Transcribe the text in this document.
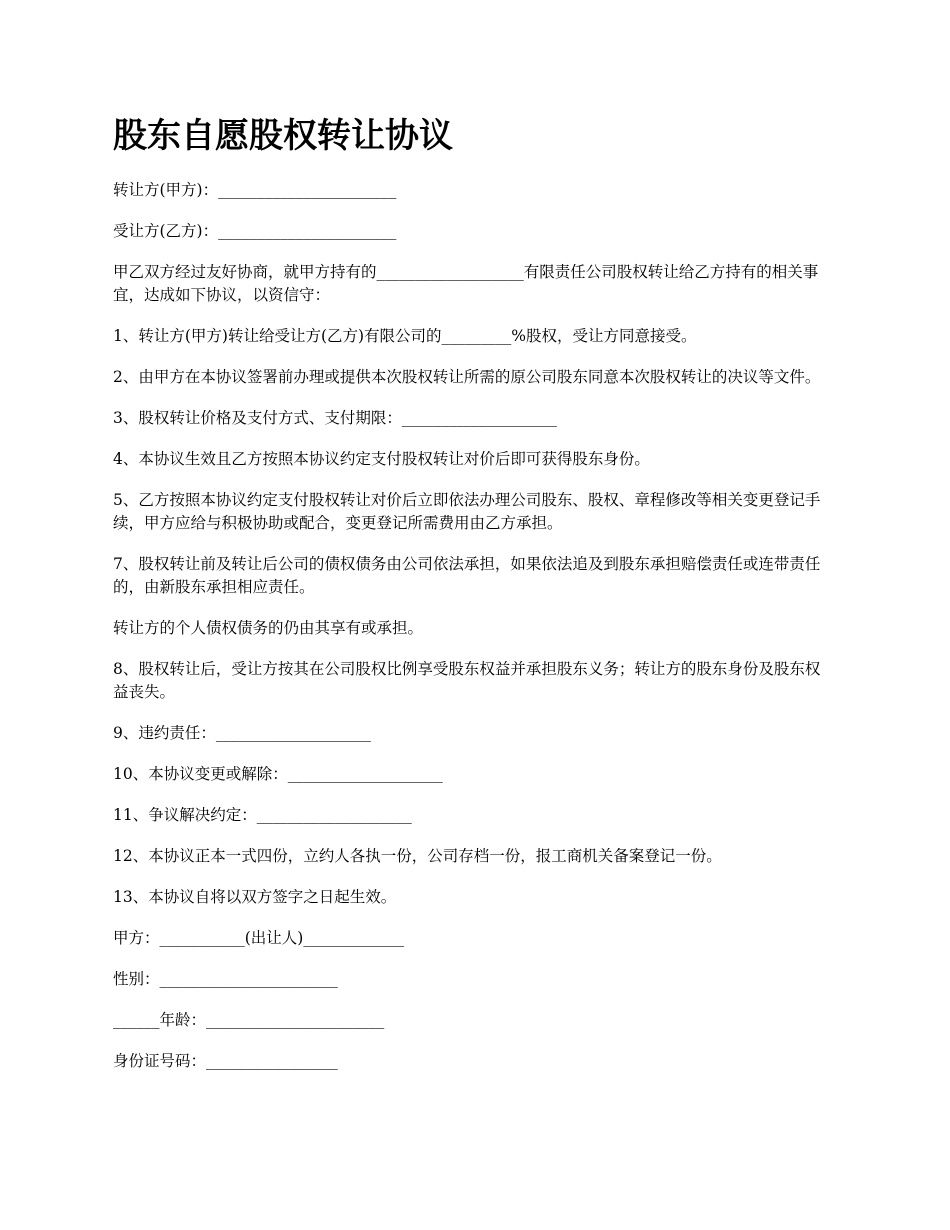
股东自愿股权转让协议

转让方(甲方)：_______________________

受让方(乙方)：_______________________

甲乙双方经过友好协商，就甲方持有的___________________有限责任公司股权转让给乙方持有的相关事宜，达成如下协议，以资信守：

1、转让方(甲方)转让给受让方(乙方)有限公司的_________%股权，受让方同意接受。

2、由甲方在本协议签署前办理或提供本次股权转让所需的原公司股东同意本次股权转让的决议等文件。

3、股权转让价格及支付方式、支付期限：____________________

4、本协议生效且乙方按照本协议约定支付股权转让对价后即可获得股东身份。

5、乙方按照本协议约定支付股权转让对价后立即依法办理公司股东、股权、章程修改等相关变更登记手续，甲方应给与积极协助或配合，变更登记所需费用由乙方承担。

7、股权转让前及转让后公司的债权债务由公司依法承担，如果依法追及到股东承担赔偿责任或连带责任的，由新股东承担相应责任。

转让方的个人债权债务的仍由其享有或承担。

8、股权转让后，受让方按其在公司股权比例享受股东权益并承担股东义务；转让方的股东身份及股东权益丧失。

9、违约责任：____________________

10、本协议变更或解除：____________________

11、争议解决约定：____________________

12、本协议正本一式四份，立约人各执一份，公司存档一份，报工商机关备案登记一份。

13、本协议自将以双方签字之日起生效。

甲方：___________(出让人)_____________

性别：_______________________

______年龄：_______________________

身份证号码：_________________
